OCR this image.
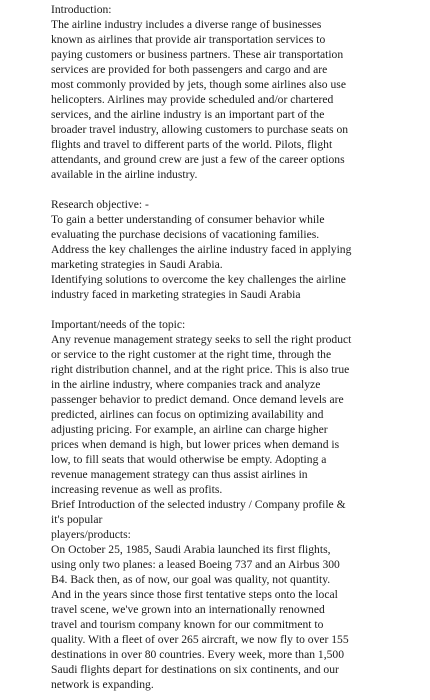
Introduction:
The airline industry includes a diverse range of businesses
known as airlines that provide air transportation services to
paying customers or business partners. These air transportation
services are provided for both passengers and cargo and are
most commonly provided by jets, though some airlines also use
helicopters. Airlines may provide scheduled and/or chartered
services, and the airline industry is an important part of the
broader travel industry, allowing customers to purchase seats on
flights and travel to different parts of the world. Pilots, flight
attendants, and ground crew are just a few of the career options
available in the airline industry.
Research objective: -
To gain a better understanding of consumer behavior while
evaluating the purchase decisions of vacationing families.
Address the key challenges the airline industry faced in applying
marketing strategies in Saudi Arabia.
Identifying solutions to overcome the key challenges the airline
industry faced in marketing strategies in Saudi Arabia
Important/needs of the topic:
Any revenue management strategy seeks to sell the right product
or service to the right customer at the right time, through the
right distribution channel, and at the right price. This is also true
in the airline industry, where companies track and analyze
passenger behavior to predict demand. Once demand levels are
predicted, airlines can focus on optimizing availability and
adjusting pricing. For example, an airline can charge higher
prices when demand is high, but lower prices when demand is
low, to fill seats that would otherwise be empty. Adopting a
revenue management strategy can thus assist airlines in
increasing revenue as well as profits.
Brief Introduction of the selected industry / Company profile &
it's popular
players/products:
On October 25, 1985, Saudi Arabia launched its first flights,
using only two planes: a leased Boeing 737 and an Airbus 300
B4. Back then, as of now, our goal was quality, not quantity.
And in the years since those first tentative steps onto the local
travel scene, we've grown into an internationally renowned
travel and tourism company known for our commitment to
quality. With a fleet of over 265 aircraft, we now fly to over 155
destinations in over 80 countries. Every week, more than 1,500
Saudi flights depart for destinations on six continents, and our
network is expanding.
